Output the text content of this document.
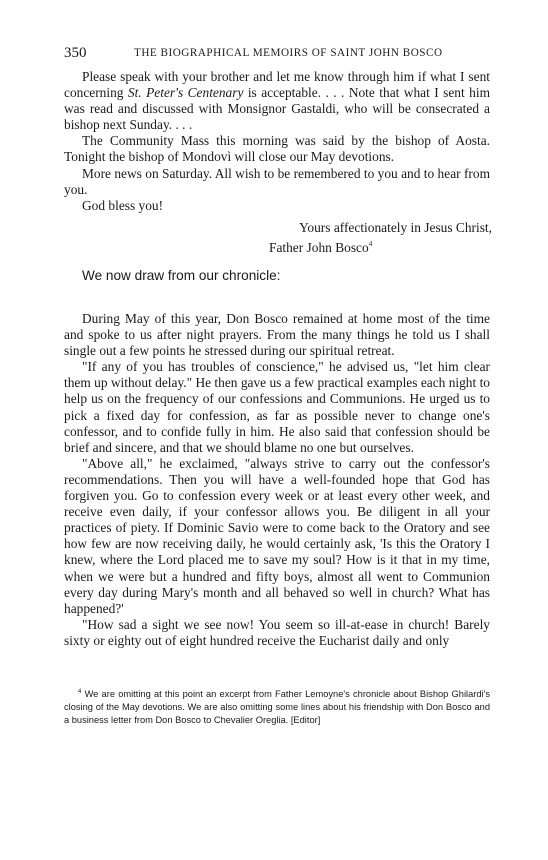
350	THE BIOGRAPHICAL MEMOIRS OF SAINT JOHN BOSCO

Please speak with your brother and let me know through him if what I sent concerning St. Peter's Centenary is acceptable. . . . Note that what I sent him was read and discussed with Monsignor Gastaldi, who will be consecrated a bishop next Sunday. . . .

The Community Mass this morning was said by the bishop of Aosta. Tonight the bishop of Mondovì will close our May devotions.

More news on Saturday. All wish to be remembered to you and to hear from you.

God bless you!

Yours affectionately in Jesus Christ,

Father John Bosco$^4$

We now draw from our chronicle:

During May of this year, Don Bosco remained at home most of the time and spoke to us after night prayers. From the many things he told us I shall single out a few points he stressed during our spiritual retreat.

"If any of you has troubles of conscience," he advised us, "let him clear them up without delay." He then gave us a few practical examples each night to help us on the frequency of our confessions and Communions. He urged us to pick a fixed day for confession, as far as possible never to change one's confessor, and to confide fully in him. He also said that confession should be brief and sincere, and that we should blame no one but ourselves.

"Above all," he exclaimed, "always strive to carry out the confessor's recommendations. Then you will have a well-founded hope that God has forgiven you. Go to confession every week or at least every other week, and receive even daily, if your confessor allows you. Be diligent in all your practices of piety. If Dominic Savio were to come back to the Oratory and see how few are now receiving daily, he would certainly ask, 'Is this the Oratory I knew, where the Lord placed me to save my soul? How is it that in my time, when we were but a hundred and fifty boys, almost all went to Communion every day during Mary's month and all behaved so well in church? What has happened?'

"How sad a sight we see now! You seem so ill-at-ease in church! Barely sixty or eighty out of eight hundred receive the Eucharist daily and only

$^4$ We are omitting at this point an excerpt from Father Lemoyne's chronicle about Bishop Ghilardi's closing of the May devotions. We are also omitting some lines about his friendship with Don Bosco and a business letter from Don Bosco to Chevalier Oreglia. [Editor]
